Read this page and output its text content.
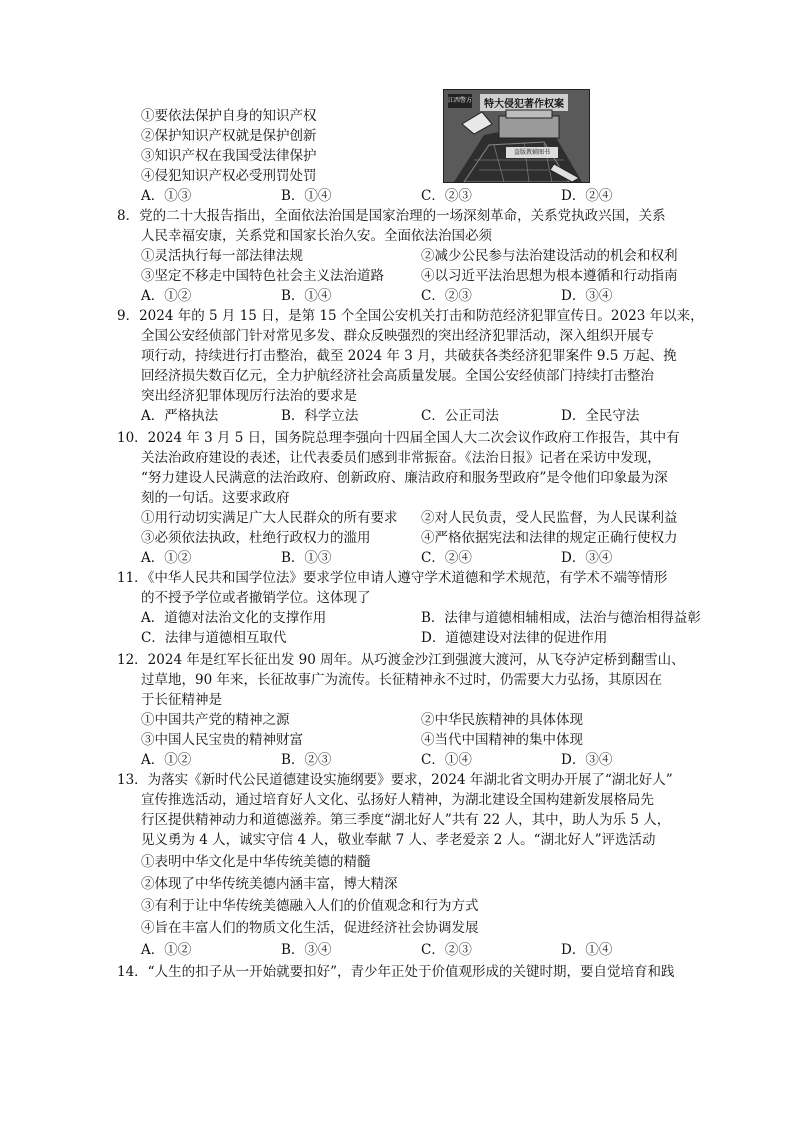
①要依法保护自身的知识产权
②保护知识产权就是保护创新
③知识产权在我国受法律保护
④侵犯知识产权必受刑罚处罚
江西警方	特大侵犯著作权案
盗版教辅图书
A．①③	B．①④	C．②③	D．②④
8．党的二十大报告指出，全面依法治国是国家治理的一场深刻革命，关系党执政兴国，关系
人民幸福安康，关系党和国家长治久安。全面依法治国必须
①灵活执行每一部法律法规	②减少公民参与法治建设活动的机会和权利
③坚定不移走中国特色社会主义法治道路	④以习近平法治思想为根本遵循和行动指南
A．①②	B．①④	C．②③	D．③④
9．2024 年的 5 月 15 日，是第 15 个全国公安机关打击和防范经济犯罪宣传日。2023 年以来，
全国公安经侦部门针对常见多发、群众反映强烈的突出经济犯罪活动，深入组织开展专
项行动，持续进行打击整治，截至 2024 年 3 月，共破获各类经济犯罪案件 9.5 万起、挽
回经济损失数百亿元，全力护航经济社会高质量发展。全国公安经侦部门持续打击整治
突出经济犯罪体现厉行法治的要求是
A．严格执法	B．科学立法	C．公正司法	D．全民守法
10．2024 年 3 月 5 日，国务院总理李强向十四届全国人大二次会议作政府工作报告，其中有
关法治政府建设的表述，让代表委员们感到非常振奋。《法治日报》记者在采访中发现，
“努力建设人民满意的法治政府、创新政府、廉洁政府和服务型政府”是令他们印象最为深
刻的一句话。这要求政府
①用行动切实满足广大人民群众的所有要求 ②对人民负责，受人民监督，为人民谋利益
③必须依法执政，杜绝行政权力的滥用	④严格依据宪法和法律的规定正确行使权力
A．①②	B．①③	C．②④	D．③④
11．《中华人民共和国学位法》要求学位申请人遵守学术道德和学术规范，有学术不端等情形
的不授予学位或者撤销学位。这体现了
A．道德对法治文化的支撑作用	B．法律与道德相辅相成，法治与德治相得益彰
C．法律与道德相互取代	D．道德建设对法律的促进作用
12．2024 年是红军长征出发 90 周年。从巧渡金沙江到强渡大渡河，从飞夺泸定桥到翻雪山、
过草地，90 年来，长征故事广为流传。长征精神永不过时，仍需要大力弘扬，其原因在
于长征精神是
①中国共产党的精神之源	②中华民族精神的具体体现
③中国人民宝贵的精神财富	④当代中国精神的集中体现
A．①②	B．②③	C．①④	D．③④
13．为落实《新时代公民道德建设实施纲要》要求，2024 年湖北省文明办开展了“湖北好人”
宣传推选活动，通过培育好人文化、弘扬好人精神，为湖北建设全国构建新发展格局先
行区提供精神动力和道德滋养。第三季度“湖北好人”共有 22 人，其中，助人为乐 5 人，
见义勇为 4 人，诚实守信 4 人，敬业奉献 7 人、孝老爱亲 2 人。“湖北好人”评选活动
①表明中华文化是中华传统美德的精髓
②体现了中华传统美德内涵丰富，博大精深
③有利于让中华传统美德融入人们的价值观念和行为方式
④旨在丰富人们的物质文化生活，促进经济社会协调发展
A．①②	B．③④	C．②③	D．①④
14．“人生的扣子从一开始就要扣好”，青少年正处于价值观形成的关键时期，要自觉培育和践
